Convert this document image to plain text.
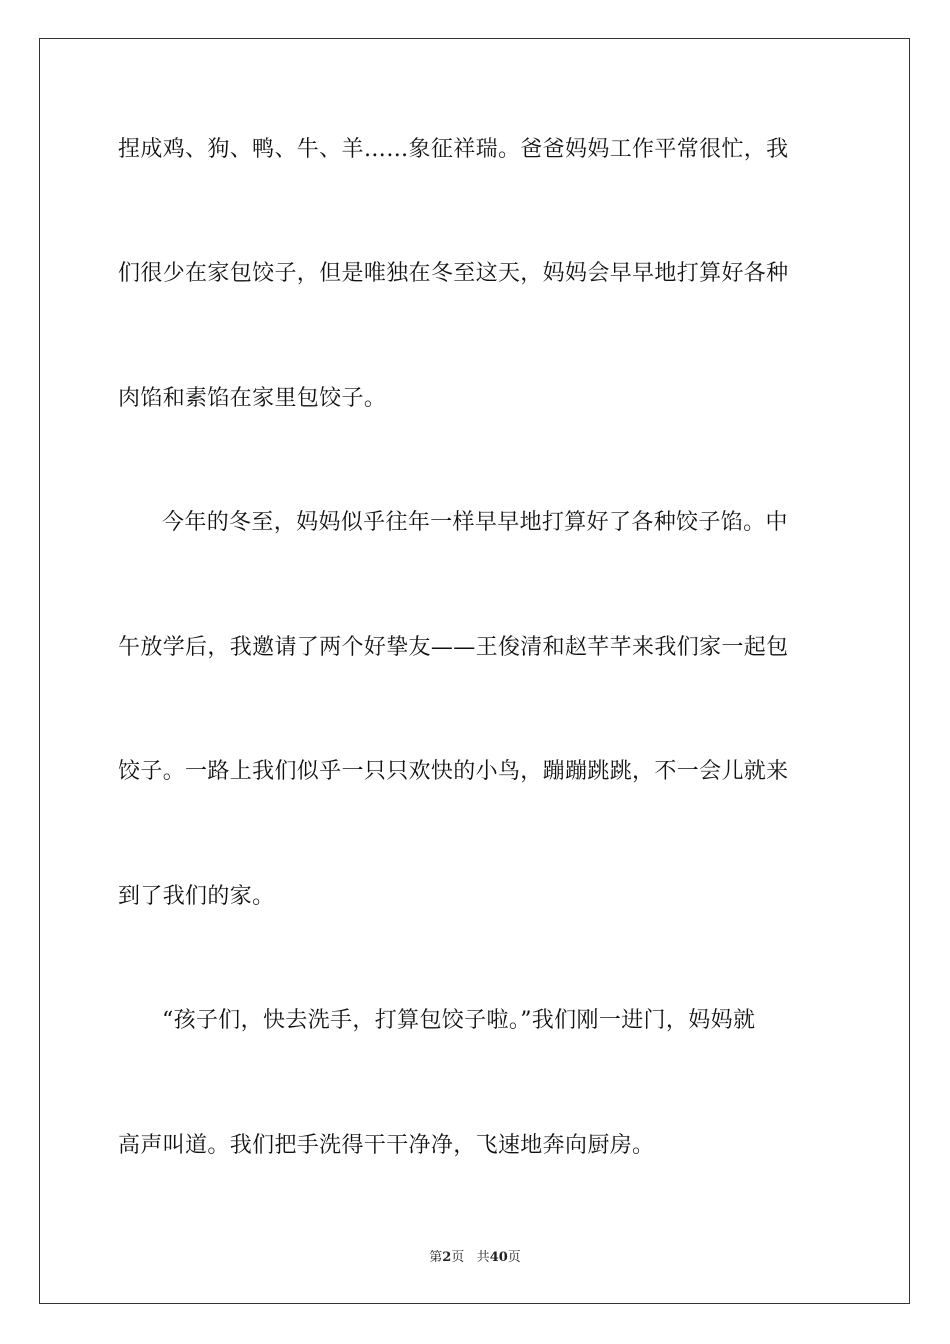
捏成鸡、狗、鸭、牛、羊……象征祥瑞。爸爸妈妈工作平常很忙，我
们很少在家包饺子，但是唯独在冬至这天，妈妈会早早地打算好各种
肉馅和素馅在家里包饺子。
今年的冬至，妈妈似乎往年一样早早地打算好了各种饺子馅。中
午放学后，我邀请了两个好挚友——王俊清和赵芊芊来我们家一起包
饺子。一路上我们似乎一只只欢快的小鸟，蹦蹦跳跳，不一会儿就来
到了我们的家。
“孩子们，快去洗手，打算包饺子啦。”我们刚一进门，妈妈就
高声叫道。我们把手洗得干干净净，飞速地奔向厨房。
第2页 共40页
